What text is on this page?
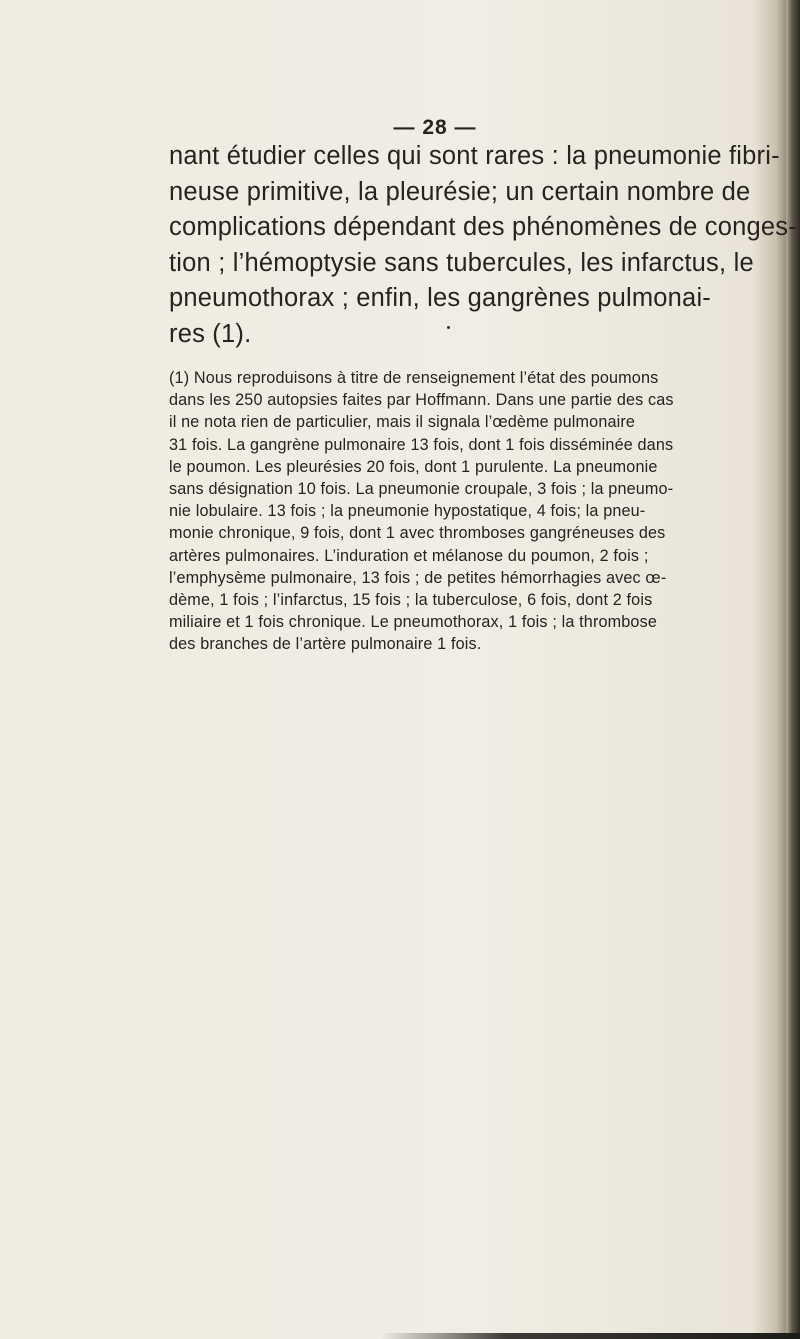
— 28 —
nant étudier celles qui sont rares : la pneumonie fibri-
neuse primitive, la pleurésie; un certain nombre de
complications dépendant des phénomènes de conges-
tion ; l’hémoptysie sans tubercules, les infarctus, le
pneumothorax ; enfin, les gangrènes pulmonai-
res (1).
(1) Nous reproduisons à titre de renseignement l’état des poumons
dans les 250 autopsies faites par Hoffmann. Dans une partie des cas
il ne nota rien de particulier, mais il signala l’œdème pulmonaire
31 fois. La gangrène pulmonaire 13 fois, dont 1 fois disséminée dans
le poumon. Les pleurésies 20 fois, dont 1 purulente. La pneumonie
sans désignation 10 fois. La pneumonie croupale, 3 fois ; la pneumo-
nie lobulaire. 13 fois ; la pneumonie hypostatique, 4 fois; la pneu-
monie chronique, 9 fois, dont 1 avec thromboses gangréneuses des
artères pulmonaires. L’induration et mélanose du poumon, 2 fois ;
l’emphysème pulmonaire, 13 fois ; de petites hémorrhagies avec œ-
dème, 1 fois ; l’infarctus, 15 fois ; la tuberculose, 6 fois, dont 2 fois
miliaire et 1 fois chronique. Le pneumothorax, 1 fois ; la thrombose
des branches de l’artère pulmonaire 1 fois.
